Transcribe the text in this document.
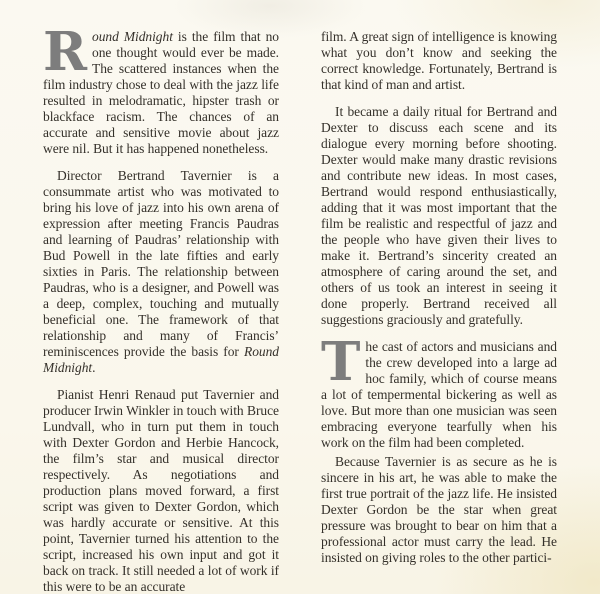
Round Midnight is the film that no one thought would ever be made. The scattered instances when the film industry chose to deal with the jazz life resulted in melodramatic, hipster trash or blackface racism. The chances of an accurate and sensitive movie about jazz were nil. But it has happened nonetheless.

Director Bertrand Tavernier is a consummate artist who was motivated to bring his love of jazz into his own arena of expression after meeting Francis Paudras and learning of Paudras’ relationship with Bud Powell in the late fifties and early sixties in Paris. The relationship between Paudras, who is a designer, and Powell was a deep, complex, touching and mutually beneficial one. The framework of that relationship and many of Francis’ reminiscences provide the basis for Round Midnight.

Pianist Henri Renaud put Tavernier and producer Irwin Winkler in touch with Bruce Lundvall, who in turn put them in touch with Dexter Gordon and Herbie Hancock, the film’s star and musical director respectively. As negotiations and production plans moved forward, a first script was given to Dexter Gordon, which was hardly accurate or sensitive. At this point, Tavernier turned his attention to the script, increased his own input and got it back on track. It still needed a lot of work if this were to be an accurate

film. A great sign of intelligence is knowing what you don’t know and seeking the correct knowledge. Fortunately, Bertrand is that kind of man and artist.

It became a daily ritual for Bertrand and Dexter to discuss each scene and its dialogue every morning before shooting. Dexter would make many drastic revisions and contribute new ideas. In most cases, Bertrand would respond enthusiastically, adding that it was most important that the film be realistic and respectful of jazz and the people who have given their lives to make it. Bertrand’s sincerity created an atmosphere of caring around the set, and others of us took an interest in seeing it done properly. Bertrand received all suggestions graciously and gratefully.

The cast of actors and musicians and the crew developed into a large ad hoc family, which of course means a lot of tempermental bickering as well as love. But more than one musician was seen embracing everyone tearfully when his work on the film had been completed.

Because Tavernier is as secure as he is sincere in his art, he was able to make the first true portrait of the jazz life. He insisted Dexter Gordon be the star when great pressure was brought to bear on him that a professional actor must carry the lead. He insisted on giving roles to the other partici-
